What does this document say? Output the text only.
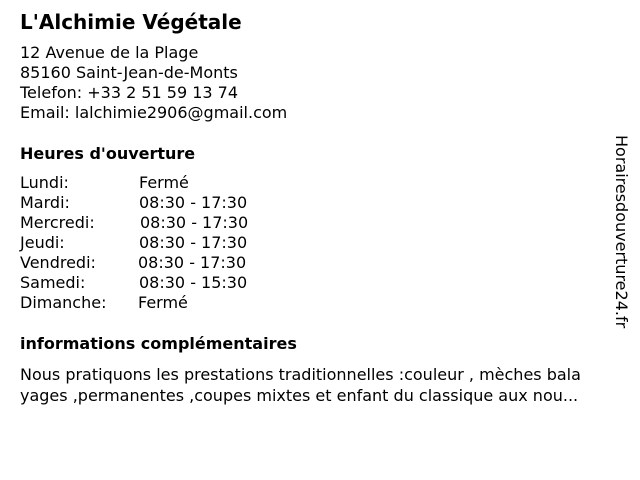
L'Alchimie Végétale
12 Avenue de la Plage
85160 Saint-Jean-de-Monts
Telefon: +33 2 51 59 13 74
Email: lalchimie2906@gmail.com
Heures d'ouverture
Lundi:	Fermé
Mardi:	08:30 - 17:30
Mercredi:	08:30 - 17:30
Jeudi:	08:30 - 17:30
Vendredi:	08:30 - 17:30
Samedi:	08:30 - 15:30
Dimanche: Fermé
informations complémentaires
Nous pratiquons les prestations traditionnelles :couleur , mèches bala
yages ,permanentes ,coupes mixtes et enfant du classique aux nou...
Horairesdouverture24.fr
